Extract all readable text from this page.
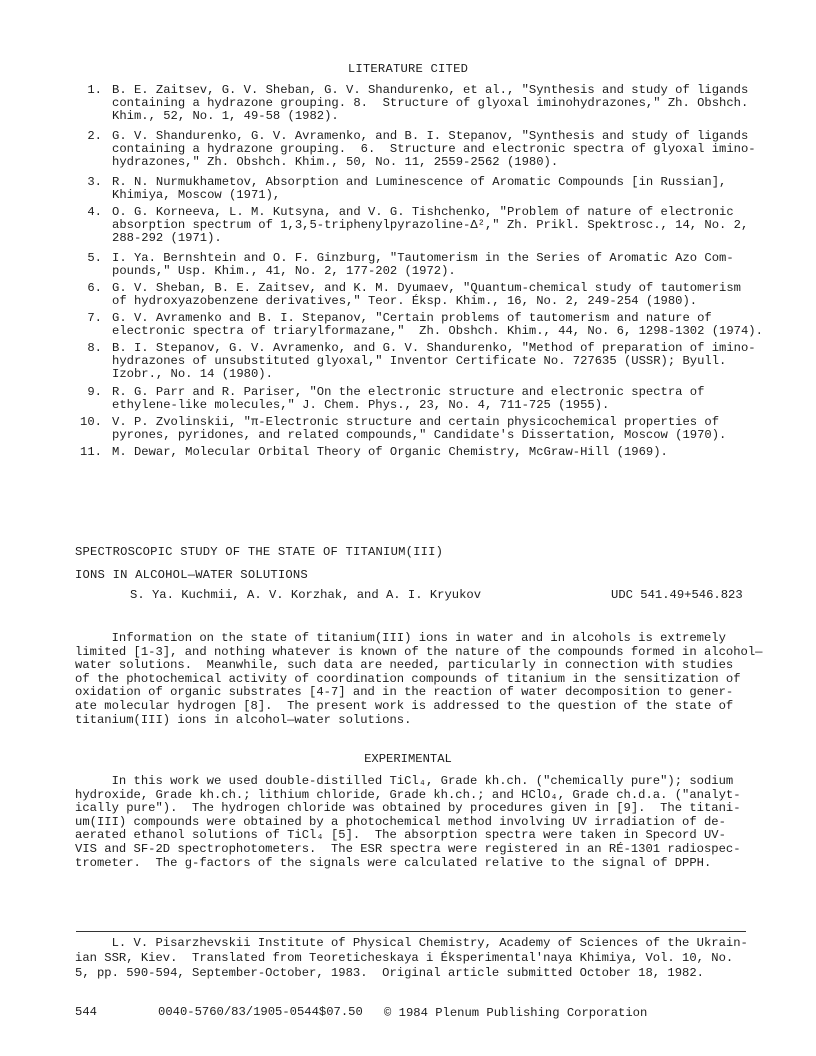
LITERATURE CITED
1. B. E. Zaitsev, G. V. Sheban, G. V. Shandurenko, et al., "Synthesis and study of ligands
containing a hydrazone grouping. 8.  Structure of glyoxal iminohydrazones," Zh. Obshch.
Khim., 52, No. 1, 49-58 (1982).
2. G. V. Shandurenko, G. V. Avramenko, and B. I. Stepanov, "Synthesis and study of ligands
containing a hydrazone grouping.  6.  Structure and electronic spectra of glyoxal imino-
hydrazones," Zh. Obshch. Khim., 50, No. 11, 2559-2562 (1980).
3. R. N. Nurmukhametov, Absorption and Luminescence of Aromatic Compounds [in Russian],
Khimiya, Moscow (1971),
4. O. G. Korneeva, L. M. Kutsyna, and V. G. Tishchenko, "Problem of nature of electronic
absorption spectrum of 1,3,5-triphenylpyrazoline-Δ²," Zh. Prikl. Spektrosc., 14, No. 2,
288-292 (1971).
5. I. Ya. Bernshtein and O. F. Ginzburg, "Tautomerism in the Series of Aromatic Azo Com-
pounds," Usp. Khim., 41, No. 2, 177-202 (1972).
6. G. V. Sheban, B. E. Zaitsev, and K. M. Dyumaev, "Quantum-chemical study of tautomerism
of hydroxyazobenzene derivatives," Teor. Éksp. Khim., 16, No. 2, 249-254 (1980).
7. G. V. Avramenko and B. I. Stepanov, "Certain problems of tautomerism and nature of
electronic spectra of triarylformazane,"  Zh. Obshch. Khim., 44, No. 6, 1298-1302 (1974).
8. B. I. Stepanov, G. V. Avramenko, and G. V. Shandurenko, "Method of preparation of imino-
hydrazones of unsubstituted glyoxal," Inventor Certificate No. 727635 (USSR); Byull.
Izobr., No. 14 (1980).
9. R. G. Parr and R. Pariser, "On the electronic structure and electronic spectra of
ethylene-like molecules," J. Chem. Phys., 23, No. 4, 711-725 (1955).
10. V. P. Zvolinskii, "π-Electronic structure and certain physicochemical properties of
pyrones, pyridones, and related compounds," Candidate's Dissertation, Moscow (1970).
11. M. Dewar, Molecular Orbital Theory of Organic Chemistry, McGraw-Hill (1969).
SPECTROSCOPIC STUDY OF THE STATE OF TITANIUM(III)
IONS IN ALCOHOL—WATER SOLUTIONS
S. Ya. Kuchmii, A. V. Korzhak, and A. I. Kryukov	UDC 541.49+546.823
Information on the state of titanium(III) ions in water and in alcohols is extremely
limited [1-3], and nothing whatever is known of the nature of the compounds formed in alcohol—
water solutions.  Meanwhile, such data are needed, particularly in connection with studies
of the photochemical activity of coordination compounds of titanium in the sensitization of
oxidation of organic substrates [4-7] and in the reaction of water decomposition to gener-
ate molecular hydrogen [8].  The present work is addressed to the question of the state of
titanium(III) ions in alcohol—water solutions.
EXPERIMENTAL
In this work we used double-distilled TiCl₄, Grade kh.ch. ("chemically pure"); sodium
hydroxide, Grade kh.ch.; lithium chloride, Grade kh.ch.; and HClO₄, Grade ch.d.a. ("analyt-
ically pure").  The hydrogen chloride was obtained by procedures given in [9].  The titani-
um(III) compounds were obtained by a photochemical method involving UV irradiation of de-
aerated ethanol solutions of TiCl₄ [5].  The absorption spectra were taken in Specord UV-
VIS and SF-2D spectrophotometers.  The ESR spectra were registered in an RÉ-1301 radiospec-
trometer.  The g-factors of the signals were calculated relative to the signal of DPPH.
L. V. Pisarzhevskii Institute of Physical Chemistry, Academy of Sciences of the Ukrain-
ian SSR, Kiev.  Translated from Teoreticheskaya i Éksperimental'naya Khimiya, Vol. 10, No.
5, pp. 590-594, September-October, 1983.  Original article submitted October 18, 1982.
544	0040-5760/83/1905-0544$07.50 © 1984 Plenum Publishing Corporation
